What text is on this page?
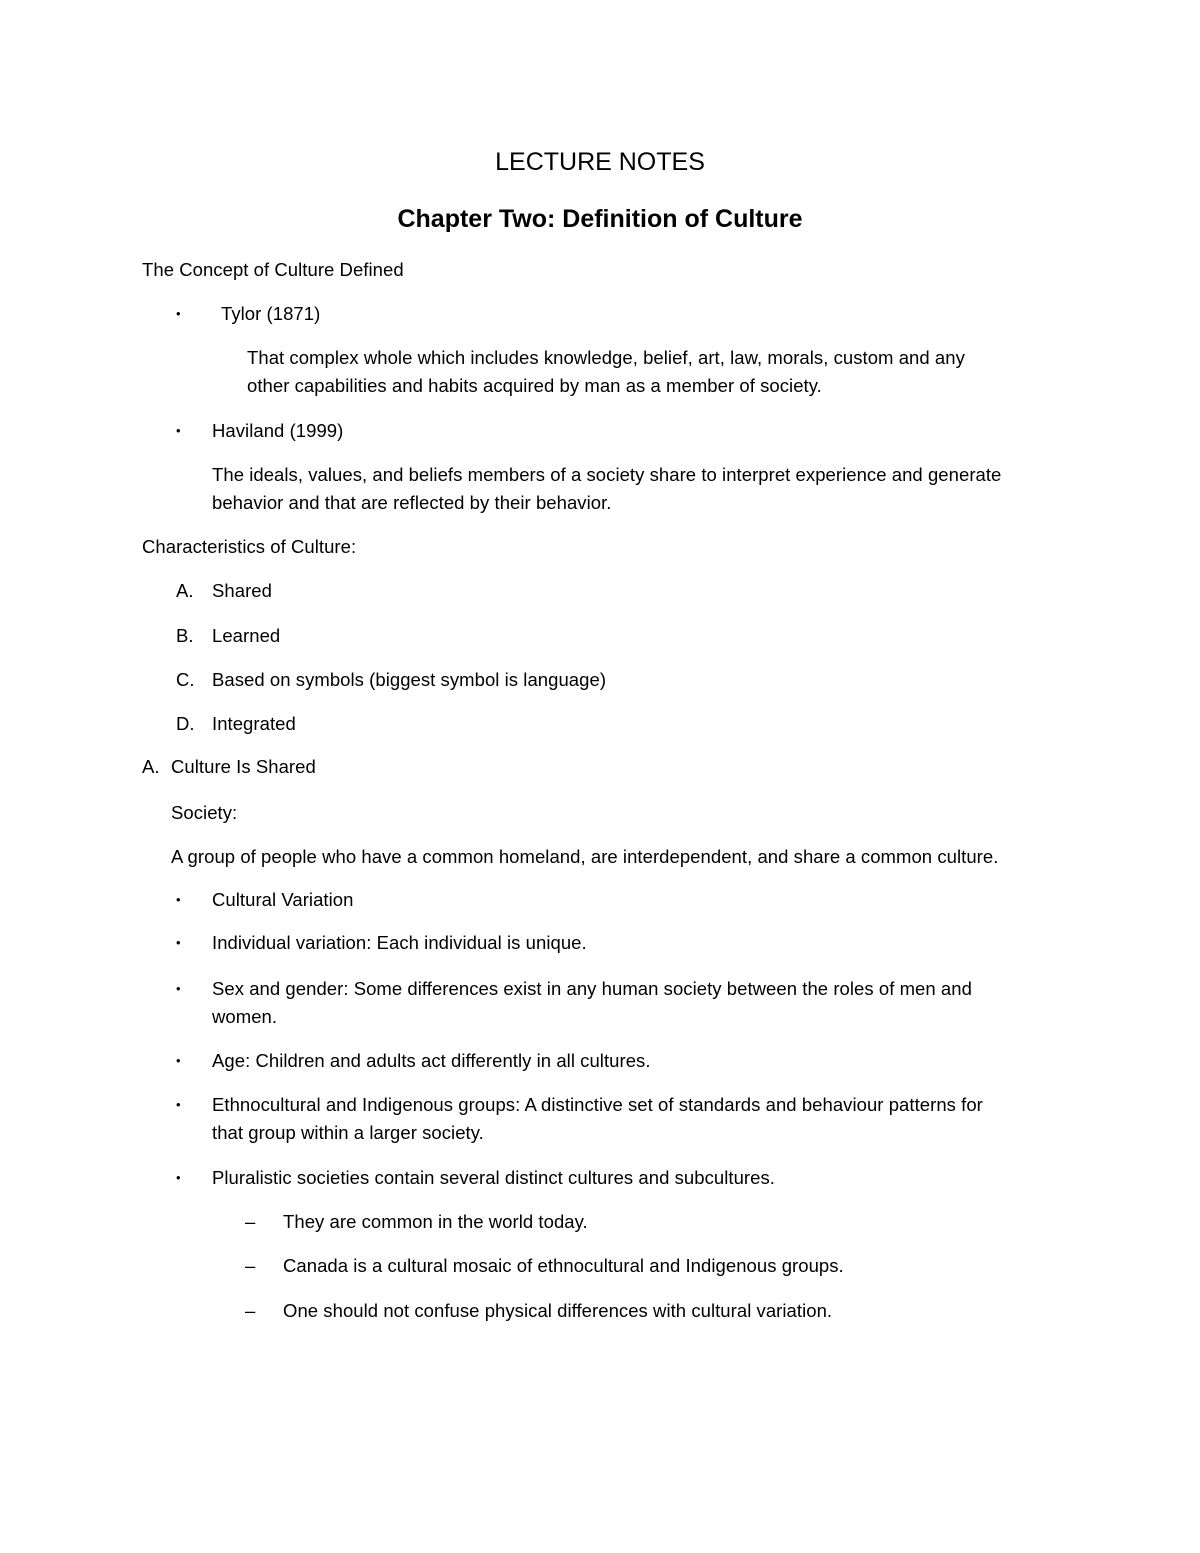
LECTURE NOTES
Chapter Two: Definition of Culture
The Concept of Culture Defined
• Tylor (1871)
That complex whole which includes knowledge, belief, art, law, morals, custom and any
other capabilities and habits acquired by man as a member of society.
• Haviland (1999)
The ideals, values, and beliefs members of a society share to interpret experience and generate
behavior and that are reflected by their behavior.
Characteristics of Culture:
A. Shared
B. Learned
C. Based on symbols (biggest symbol is language)
D. Integrated
A. Culture Is Shared
Society:
A group of people who have a common homeland, are interdependent, and share a common culture.
• Cultural Variation
• Individual variation: Each individual is unique.
• Sex and gender: Some differences exist in any human society between the roles of men and
women.
• Age: Children and adults act differently in all cultures.
• Ethnocultural and Indigenous groups: A distinctive set of standards and behaviour patterns for
that group within a larger society.
• Pluralistic societies contain several distinct cultures and subcultures.
– They are common in the world today.
– Canada is a cultural mosaic of ethnocultural and Indigenous groups.
– One should not confuse physical differences with cultural variation.
